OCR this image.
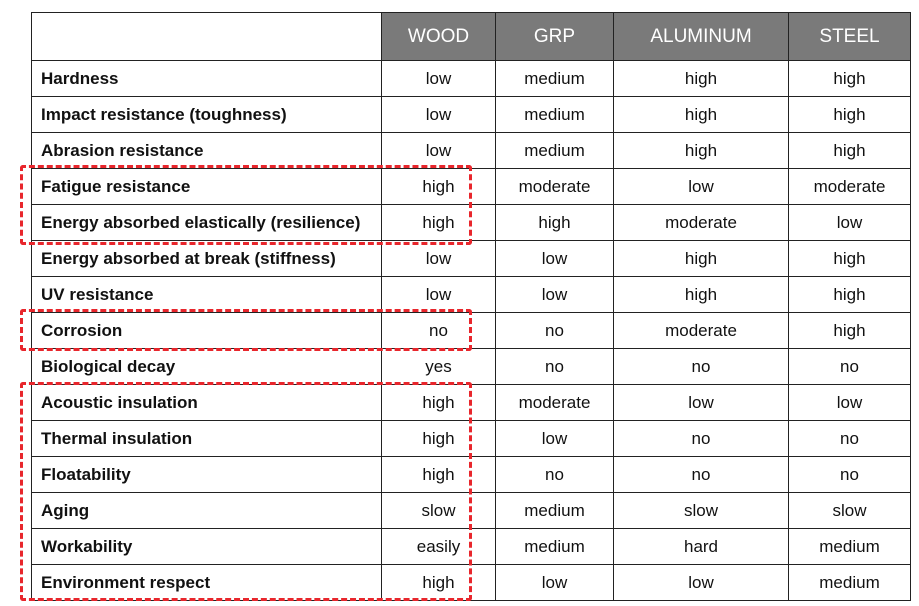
	WOOD	GRP	ALUMINUM	STEEL
Hardness	low	medium	high	high
Impact resistance (toughness)	low	medium	high	high
Abrasion resistance	low	medium	high	high
Fatigue resistance	high	moderate	low	moderate
Energy absorbed elastically (resilience)	high	high	moderate	low
Energy absorbed at break (stiffness)	low	low	high	high
UV resistance	low	low	high	high
Corrosion	no	no	moderate	high
Biological decay	yes	no	no	no
Acoustic insulation	high	moderate	low	low
Thermal insulation	high	low	no	no
Floatability	high	no	no	no
Aging	slow	medium	slow	slow
Workability	easily	medium	hard	medium
Environment respect	high	low	low	medium
